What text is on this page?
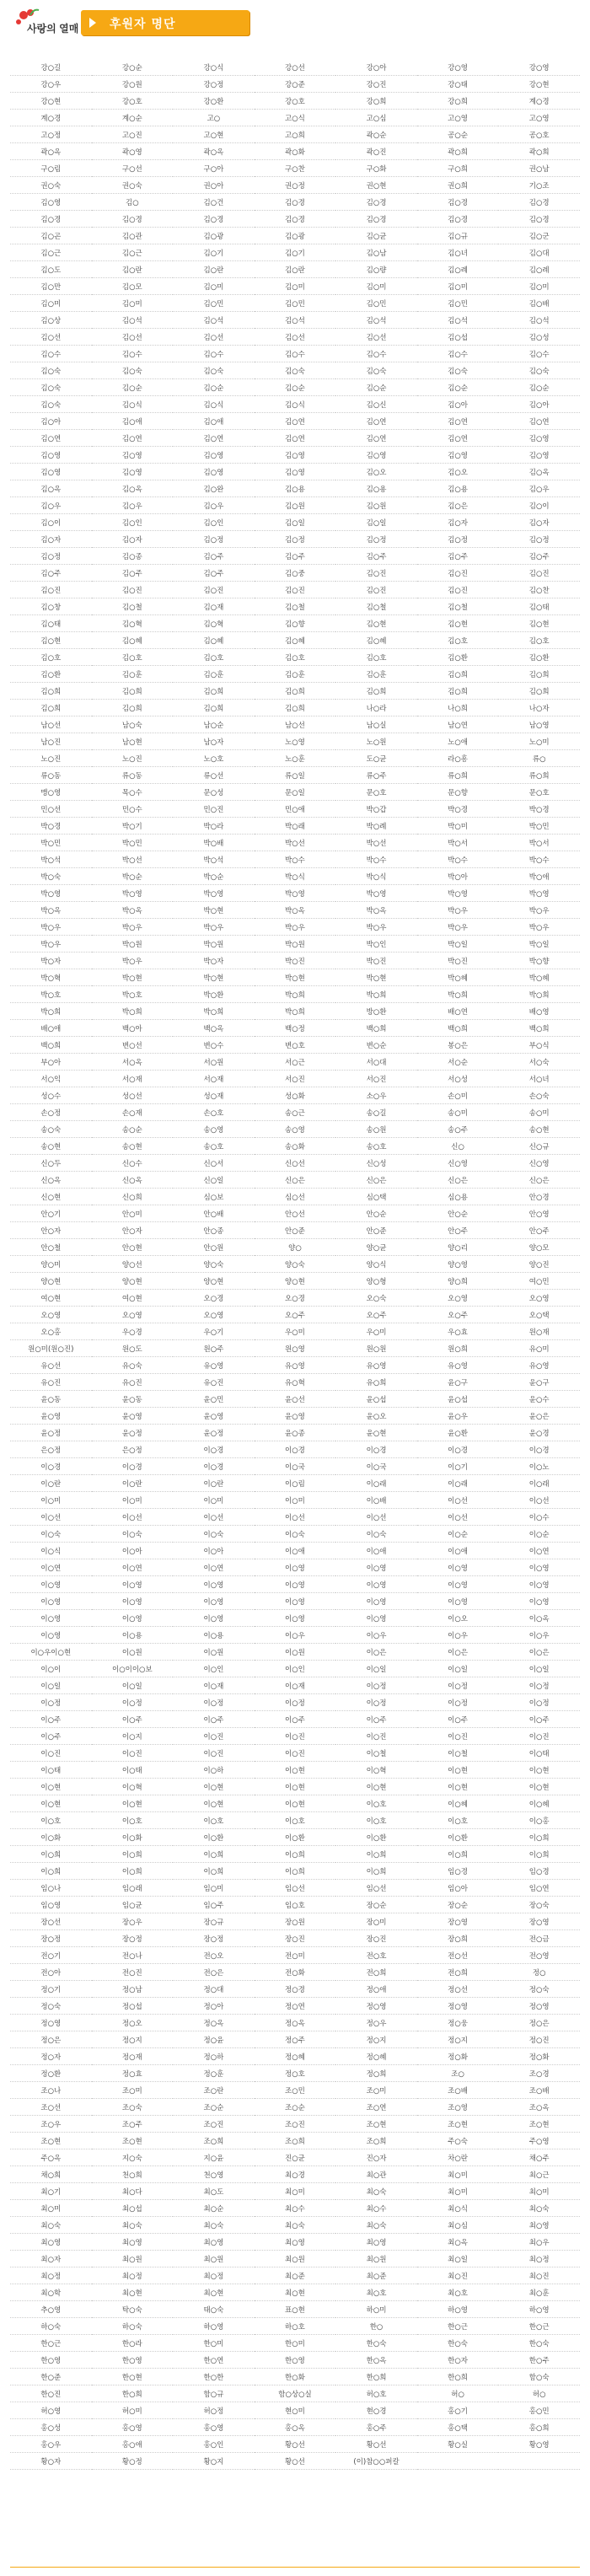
사랑의 열매	후원자 명단
강○길	강○순	강○식	강○선	강○아	강○영	강○영
강○우	강○원	강○정	강○준	강○진	강○태	강○현
강○현	강○호	강○환	강○호	강○희	강○희	계○경
계○경	계○순	고○	고○식	고○심	고○영	고○영
고○정	고○진	고○현	고○희	곽○순	공○순	공○호
곽○옥	곽○영	곽○옥	곽○화	곽○진	곽○희	곽○희
구○림	구○선	구○아	구○찬	구○화	구○희	권○남
권○숙	권○숙	권○아	권○정	권○현	권○희	기○조
김○영	김○	김○건	김○경	김○경	김○경	김○경
김○경	김○경	김○경	김○경	김○경	김○경	김○경
김○곤	김○관	김○광	김○광	김○균	김○규	김○군
김○근	김○근	김○기	김○기	김○남	김○녀	김○대
김○도	김○란	김○란	김○란	김○량	김○례	김○례
김○만	김○모	김○미	김○미	김○미	김○미	김○미
김○미	김○미	김○민	김○민	김○민	김○민	김○배
김○상	김○석	김○석	김○석	김○석	김○석	김○석
김○선	김○선	김○선	김○선	김○선	김○섭	김○성
김○수	김○수	김○수	김○수	김○수	김○수	김○수
김○숙	김○숙	김○숙	김○숙	김○숙	김○숙	김○숙
김○숙	김○순	김○순	김○순	김○순	김○순	김○순
김○숙	김○식	김○식	김○식	김○신	김○아	김○아
김○아	김○애	김○애	김○연	김○연	김○연	김○연
김○연	김○연	김○연	김○연	김○연	김○연	김○영
김○영	김○영	김○영	김○영	김○영	김○영	김○영
김○영	김○영	김○영	김○영	김○오	김○오	김○옥
김○옥	김○옥	김○완	김○용	김○용	김○용	김○우
김○우	김○우	김○우	김○원	김○원	김○은	김○이
김○이	김○인	김○인	김○일	김○일	김○자	김○자
김○자	김○자	김○정	김○정	김○정	김○정	김○정
김○정	김○종	김○주	김○주	김○주	김○주	김○주
김○주	김○주	김○주	김○중	김○진	김○진	김○진
김○진	김○진	김○진	김○진	김○진	김○진	김○찬
김○창	김○철	김○재	김○철	김○철	김○철	김○태
김○태	김○혁	김○혁	김○향	김○현	김○현	김○현
김○현	김○혜	김○혜	김○혜	김○혜	김○호	김○호
김○호	김○호	김○호	김○호	김○호	김○환	김○환
김○환	김○훈	김○훈	김○훈	김○훈	김○희	김○희
김○희	김○희	김○희	김○희	김○희	김○희	김○희
김○희	김○희	김○희	김○희	나○라	나○희	나○자
남○선	남○숙	남○순	남○선	남○실	남○연	남○영
남○진	남○현	남○자	노○영	노○원	노○애	노○미
노○진	노○진	노○호	노○훈	도○균	라○흥	류○
류○동	류○동	류○선	류○일	류○주	류○희	류○희
맹○영	목○수	문○성	문○일	문○호	문○향	문○호
민○선	민○수	민○진	민○애	박○갑	박○경	박○경
박○경	박○기	박○라	박○래	박○례	박○미	박○민
박○민	박○민	박○배	박○선	박○선	박○서	박○서
박○석	박○선	박○석	박○수	박○수	박○수	박○수
박○숙	박○순	박○순	박○식	박○식	박○아	박○애
박○영	박○영	박○영	박○영	박○영	박○영	박○영
박○옥	박○옥	박○현	박○옥	박○옥	박○우	박○우
박○우	박○우	박○우	박○우	박○우	박○우	박○우
박○우	박○원	박○원	박○원	박○인	박○일	박○일
박○자	박○우	박○자	박○진	박○진	박○진	박○향
박○혁	박○현	박○현	박○현	박○현	박○혜	박○혜
박○호	박○호	박○환	박○희	박○희	박○희	박○희
박○희	박○희	박○희	박○희	방○환	배○연	배○영
배○애	백○아	백○옥	백○정	백○희	백○희	백○희
백○희	변○선	변○수	변○호	변○순	봉○은	부○식
부○아	서○옥	서○원	서○근	서○대	서○순	서○숙
서○익	서○재	서○재	서○진	서○진	서○성	서○녀
성○수	성○선	성○재	성○화	소○우	손○미	손○숙
손○정	손○재	손○호	송○근	송○길	송○미	송○미
송○숙	송○순	송○영	송○영	송○원	송○주	송○현
송○현	송○현	송○호	송○화	송○호	신○	신○규
신○두	신○수	신○서	신○선	신○성	신○영	신○영
신○옥	신○옥	신○일	신○은	신○은	신○은	신○은
신○현	신○희	심○보	심○선	심○택	심○용	안○경
안○기	안○미	안○배	안○선	안○순	안○순	안○영
안○자	안○자	안○종	안○준	안○준	안○주	안○주
안○철	안○현	안○원	양○	양○균	양○리	양○모
양○미	양○선	양○숙	양○숙	양○식	양○영	양○진
양○현	양○현	양○현	양○현	양○형	양○희	여○민
여○현	여○현	오○경	오○경	오○숙	오○영	오○영
오○영	오○영	오○영	오○주	오○주	오○주	오○택
오○홍	우○경	우○기	우○미	우○미	우○효	원○재
원○미(원○진)	원○도	원○주	원○영	원○원	원○희	유○미
유○선	유○숙	유○영	유○영	유○영	유○영	유○영
유○진	유○진	유○진	유○혁	유○희	윤○구	윤○구
윤○동	윤○동	윤○민	윤○선	윤○섭	윤○섭	윤○수
윤○영	윤○영	윤○영	윤○영	윤○오	윤○우	윤○은
윤○정	윤○정	윤○정	윤○종	윤○현	윤○환	윤○경
은○정	은○정	이○경	이○경	이○경	이○경	이○경
이○경	이○경	이○경	이○국	이○국	이○기	이○노
이○란	이○란	이○란	이○림	이○래	이○래	이○래
이○미	이○미	이○미	이○미	이○배	이○선	이○선
이○선	이○선	이○선	이○선	이○선	이○선	이○수
이○숙	이○숙	이○숙	이○숙	이○숙	이○순	이○순
이○식	이○아	이○아	이○애	이○애	이○애	이○연
이○연	이○연	이○연	이○영	이○영	이○영	이○영
이○영	이○영	이○영	이○영	이○영	이○영	이○영
이○영	이○영	이○영	이○영	이○영	이○영	이○영
이○영	이○영	이○영	이○영	이○영	이○오	이○옥
이○영	이○용	이○용	이○우	이○우	이○우	이○우
이○우이○현	이○원	이○원	이○원	이○은	이○은	이○은
이○이	이○이이○보	이○인	이○인	이○일	이○일	이○일
이○일	이○일	이○재	이○재	이○정	이○정	이○정
이○정	이○정	이○정	이○정	이○정	이○정	이○정
이○주	이○주	이○주	이○주	이○주	이○주	이○주
이○주	이○지	이○진	이○진	이○진	이○진	이○진
이○진	이○진	이○진	이○진	이○철	이○철	이○태
이○태	이○태	이○하	이○현	이○혁	이○현	이○현
이○현	이○혁	이○현	이○현	이○현	이○현	이○현
이○현	이○현	이○현	이○현	이○호	이○혜	이○혜
이○호	이○호	이○호	이○호	이○호	이○호	이○홍
이○화	이○화	이○환	이○환	이○환	이○환	이○희
이○희	이○희	이○희	이○희	이○희	이○희	이○희
이○희	이○희	이○희	이○희	이○희	임○경	임○경
임○나	임○래	임○미	임○선	임○선	임○아	임○연
임○영	임○균	임○주	임○호	장○순	장○순	장○숙
장○선	장○우	장○규	장○원	장○미	장○영	장○영
장○정	장○정	장○정	장○진	장○진	장○희	전○금
전○기	전○나	전○오	전○미	전○호	전○선	전○영
전○아	전○진	전○은	전○화	전○희	전○희	정○
정○기	정○남	정○대	정○경	정○애	정○선	정○숙
정○숙	정○섭	정○아	정○연	정○영	정○영	정○영
정○영	정○오	정○옥	정○옥	정○우	정○웅	정○은
정○은	정○지	정○윤	정○주	정○지	정○지	정○진
정○자	정○재	정○하	정○혜	정○혜	정○화	정○화
정○환	정○효	정○훈	정○호	정○희	조○	조○경
조○나	조○미	조○란	조○민	조○미	조○배	조○배
조○선	조○숙	조○순	조○순	조○연	조○영	조○옥
조○우	조○주	조○진	조○진	조○현	조○현	조○현
조○현	조○현	조○희	조○희	조○희	주○숙	주○영
주○옥	지○숙	지○윤	진○균	진○자	차○란	채○주
채○희	천○희	천○영	최○경	최○관	최○미	최○근
최○기	최○다	최○도	최○미	최○숙	최○미	최○미
최○미	최○섭	최○순	최○수	최○수	최○식	최○숙
최○숙	최○숙	최○숙	최○숙	최○숙	최○심	최○영
최○영	최○영	최○영	최○영	최○영	최○옥	최○우
최○자	최○원	최○원	최○원	최○원	최○일	최○정
최○정	최○정	최○정	최○준	최○준	최○진	최○진
최○학	최○현	최○현	최○현	최○호	최○호	최○훈
추○영	탁○숙	태○숙	표○현	하○미	하○영	하○영
하○숙	하○숙	하○영	하○호	한○	한○근	한○근
한○근	한○라	한○미	한○미	한○숙	한○숙	한○숙
한○영	한○영	한○연	한○영	한○옥	한○자	한○주
한○준	한○현	한○한	한○화	한○희	한○희	함○숙
한○진	한○희	함○규	함○상○실	허○호	허○	허○
허○영	허○미	허○정	현○미	현○경	홍○기	홍○민
홍○성	홍○영	홍○영	홍○옥	홍○주	홍○택	홍○희
홍○우	홍○애	홍○인	황○선	황○선	황○실	황○영
황○자	황○정	황○지	황○선	(이)참○○퍼칼		
